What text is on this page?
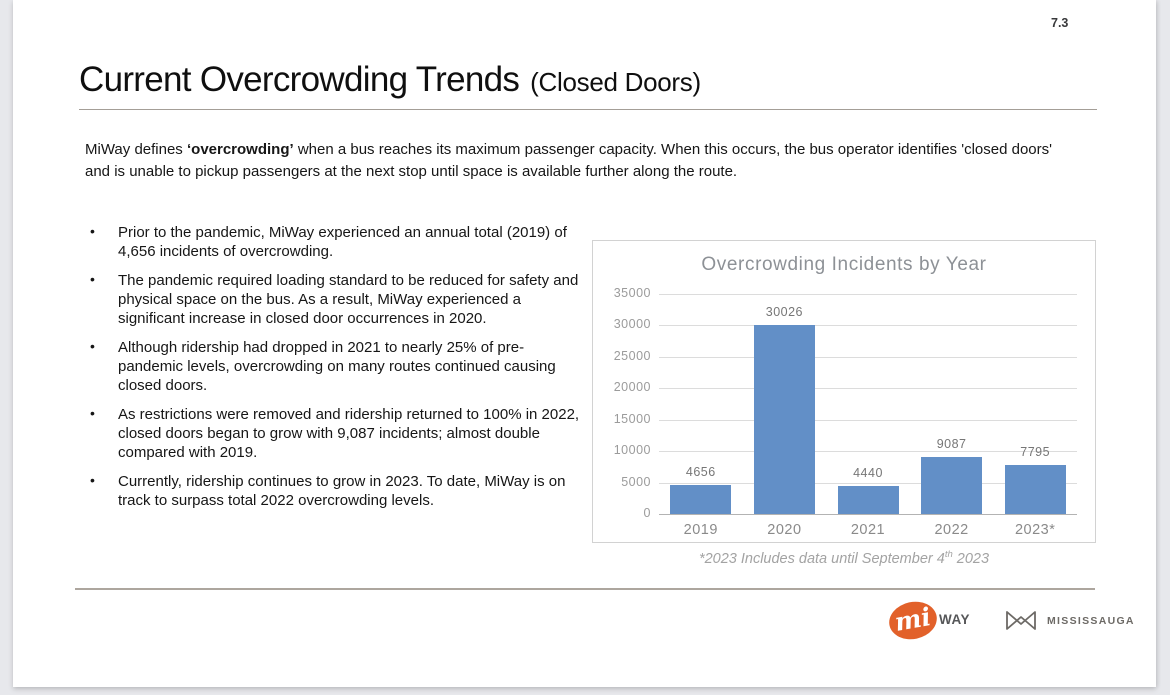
7.3
Current Overcrowding Trends (Closed Doors)

MiWay defines ‘overcrowding’ when a bus reaches its maximum passenger capacity. When this occurs, the bus operator identifies 'closed doors' and is unable to pickup passengers at the next stop until space is available further along the route.

• Prior to the pandemic, MiWay experienced an annual total (2019) of 4,656 incidents of overcrowding.
• The pandemic required loading standard to be reduced for safety and physical space on the bus. As a result, MiWay experienced a significant increase in closed door occurrences in 2020.
• Although ridership had dropped in 2021 to nearly 25% of pre-pandemic levels, overcrowding on many routes continued causing closed doors.
• As restrictions were removed and ridership returned to 100% in 2022, closed doors began to grow with 9,087 incidents; almost double compared with 2019.
• Currently, ridership continues to grow in 2023. To date, MiWay is on track to surpass total 2022 overcrowding levels.
Overcrowding Incidents by Year
0
5000
10000
15000
20000
25000
30000
35000
4656
2019
30026
2020
4440
2021
9087
2022
7795
2023*
*2023 Includes data until September 4th 2023
mi WAY	MISSISSAUGA
